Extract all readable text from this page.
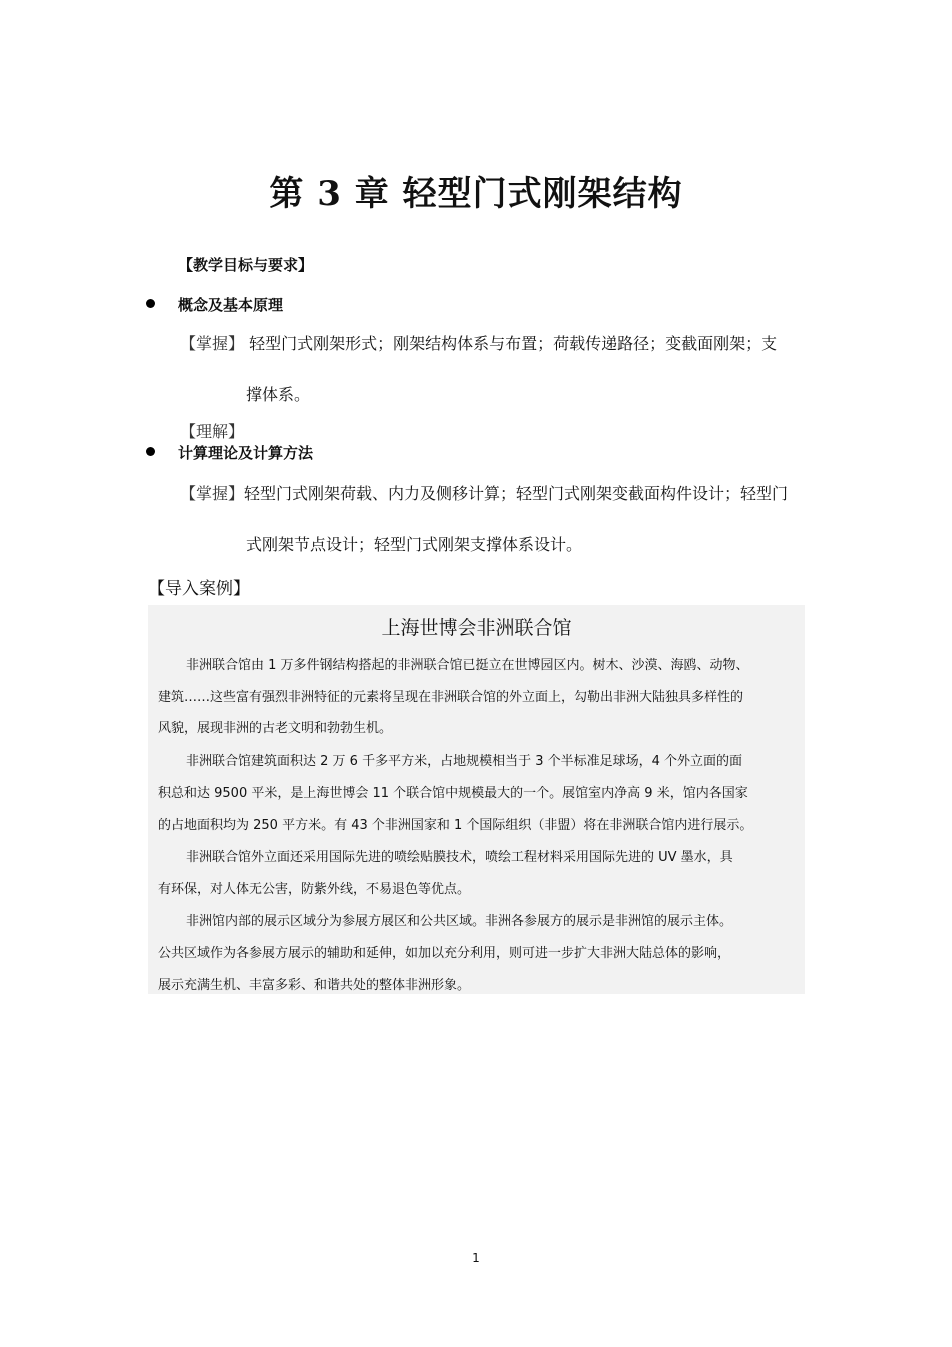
第 3 章 轻型门式刚架结构
【教学目标与要求】
概念及基本原理
【掌握】 轻型门式刚架形式；刚架结构体系与布置；荷载传递路径；变截面刚架；支
撑体系。
【理解】
计算理论及计算方法
【掌握】轻型门式刚架荷载、内力及侧移计算；轻型门式刚架变截面构件设计；轻型门
式刚架节点设计；轻型门式刚架支撑体系设计。
【导入案例】
上海世博会非洲联合馆
非洲联合馆由 1 万多件钢结构搭起的非洲联合馆已挺立在世博园区内。树木、沙漠、海鸥、动物、
建筑……这些富有强烈非洲特征的元素将呈现在非洲联合馆的外立面上，勾勒出非洲大陆独具多样性的
风貌，展现非洲的古老文明和勃勃生机。
非洲联合馆建筑面积达 2 万 6 千多平方米，占地规模相当于 3 个半标准足球场，4 个外立面的面
积总和达 9500 平米，是上海世博会 11 个联合馆中规模最大的一个。展馆室内净高 9 米，馆内各国家
的占地面积均为 250 平方米。有 43 个非洲国家和 1 个国际组织（非盟）将在非洲联合馆内进行展示。
非洲联合馆外立面还采用国际先进的喷绘贴膜技术，喷绘工程材料采用国际先进的 UV 墨水，具
有环保，对人体无公害，防紫外线，不易退色等优点。
非洲馆内部的展示区域分为参展方展区和公共区域。非洲各参展方的展示是非洲馆的展示主体。
公共区域作为各参展方展示的辅助和延伸，如加以充分利用，则可进一步扩大非洲大陆总体的影响，
展示充满生机、丰富多彩、和谐共处的整体非洲形象。
1
